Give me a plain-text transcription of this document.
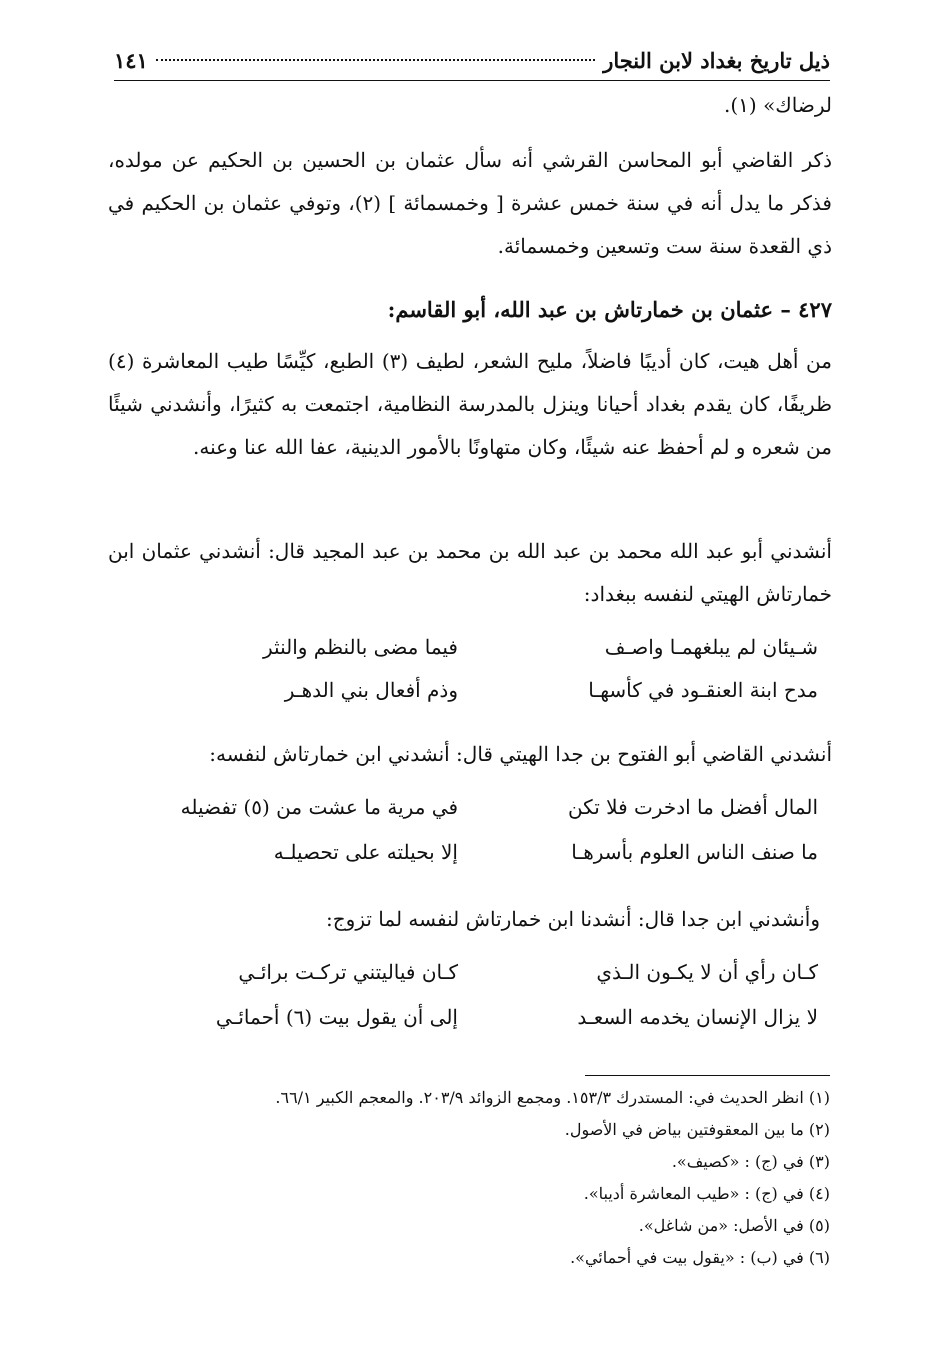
ذيل تاريخ بغداد لابن النجار
١٤١

لرضاك» (١).

ذكر القاضي أبو المحاسن القرشي أنه سأل عثمان بن الحسين بن الحكيم عن مولده، فذكر ما يدل أنه في سنة خمس عشرة [ وخمسمائة ] (٢)، وتوفي عثمان بن الحكيم في ذي القعدة سنة ست وتسعين وخمسمائة.

٤٢٧ – عثمان بن خمارتاش بن عبد الله، أبو القاسم:

من أهل هيت، كان أديبًا فاضلاً، مليح الشعر، لطيف (٣) الطبع، كيِّسًا طيب المعاشرة (٤) ظريفًا، كان يقدم بغداد أحيانا وينزل بالمدرسة النظامية، اجتمعت به كثيرًا، وأنشدني شيئًا من شعره و لم أحفظ عنه شيئًا، وكان متهاونًا بالأمور الدينية، عفا الله عنا وعنه.

أنشدني أبو عبد الله محمد بن عبد الله بن محمد بن عبد المجيد قال: أنشدني عثمان ابن خمارتاش الهيتي لنفسه ببغداد:

شـيئان لم يبلغهمـا واصـف
فيما مضى بالنظم والنثر
مدح ابنة العنقـود في كأسهـا
وذم أفعال بني الدهـر

أنشدني القاضي أبو الفتوح بن جدا الهيتي قال: أنشدني ابن خمارتاش لنفسه:

المال أفضل ما ادخرت فلا تكن
في مرية ما عشت من (٥) تفضيله
ما صنف الناس العلوم بأسرهـا
إلا بحيلته على تحصيلـه

وأنشدني ابن جدا قال: أنشدنا ابن خمارتاش لنفسه لما تزوج:

كـان رأي أن لا يكـون الـذي
كـان فياليتني تركـت برائـي
لا يزال الإنسان يخدمه السعـد
إلى أن يقول بيت (٦) أحمائـي
(١) انظر الحديث في: المستدرك ١٥٣/٣. ومجمع الزوائد ٢٠٣/٩. والمعجم الكبير ٦٦/١.
(٢) ما بين المعقوفتين بياض في الأصول.
(٣) في (ج) : «كصيف».
(٤) في (ج) : «طيب المعاشرة أديبا».
(٥) في الأصل: «من شاغل».
(٦) في (ب) : «يقول بيت في أحمائي».
